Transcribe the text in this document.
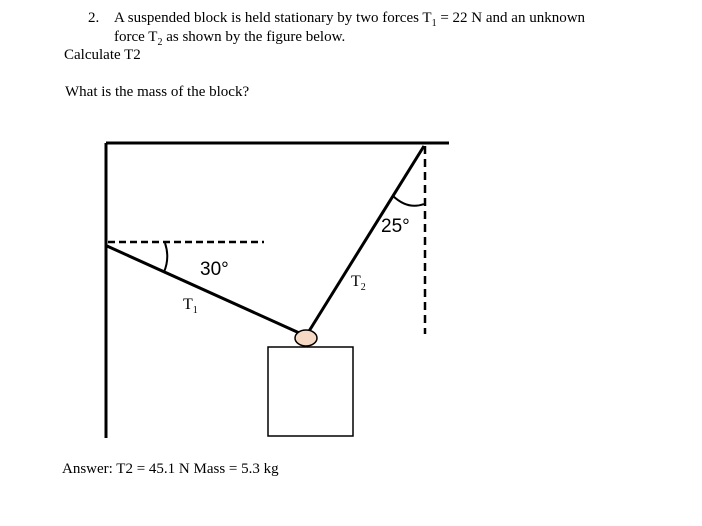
2. A suspended block is held stationary by two forces $T_1 = 22$ N and an unknown
force $T_2$ as shown by the figure below.
Calculate T2
What is the mass of the block?
30°
25°
$T_1$
$T_2$
Answer: T2 = 45.1 N Mass = 5.3 kg
